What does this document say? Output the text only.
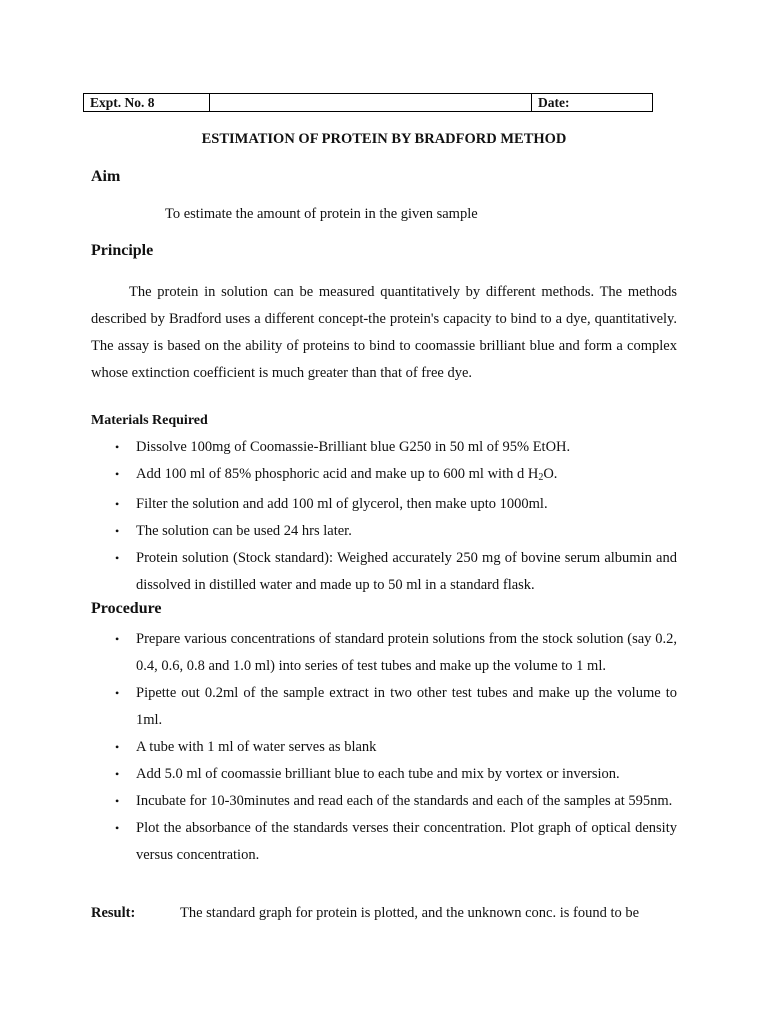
Expt. No. 8	Date:
ESTIMATION OF PROTEIN BY BRADFORD METHOD
Aim
To estimate the amount of protein in the given sample
Principle

The protein in solution can be measured quantitatively by different methods. The methods described by Bradford uses a different concept-the protein's capacity to bind to a dye, quantitatively. The assay is based on the ability of proteins to bind to coomassie brilliant blue and form a complex whose extinction coefficient is much greater than that of free dye.

Materials Required
• Dissolve 100mg of Coomassie-Brilliant blue G250 in 50 ml of 95% EtOH.
• Add 100 ml of 85% phosphoric acid and make up to 600 ml with d $H_2O$.
• Filter the solution and add 100 ml of glycerol, then make upto 1000ml.
• The solution can be used 24 hrs later.
• Protein solution (Stock standard): Weighed accurately 250 mg of bovine serum albumin and dissolved in distilled water and made up to 50 ml in a standard flask.
Procedure
• Prepare various concentrations of standard protein solutions from the stock solution (say 0.2, 0.4, 0.6, 0.8 and 1.0 ml) into series of test tubes and make up the volume to 1 ml.
• Pipette out 0.2ml of the sample extract in two other test tubes and make up the volume to 1ml.
• A tube with 1 ml of water serves as blank
• Add 5.0 ml of coomassie brilliant blue to each tube and mix by vortex or inversion.
• Incubate for 10-30minutes and read each of the standards and each of the samples at 595nm.
• Plot the absorbance of the standards verses their concentration. Plot graph of optical density versus concentration.
Result:	The standard graph for protein is plotted, and the unknown conc. is found to be
